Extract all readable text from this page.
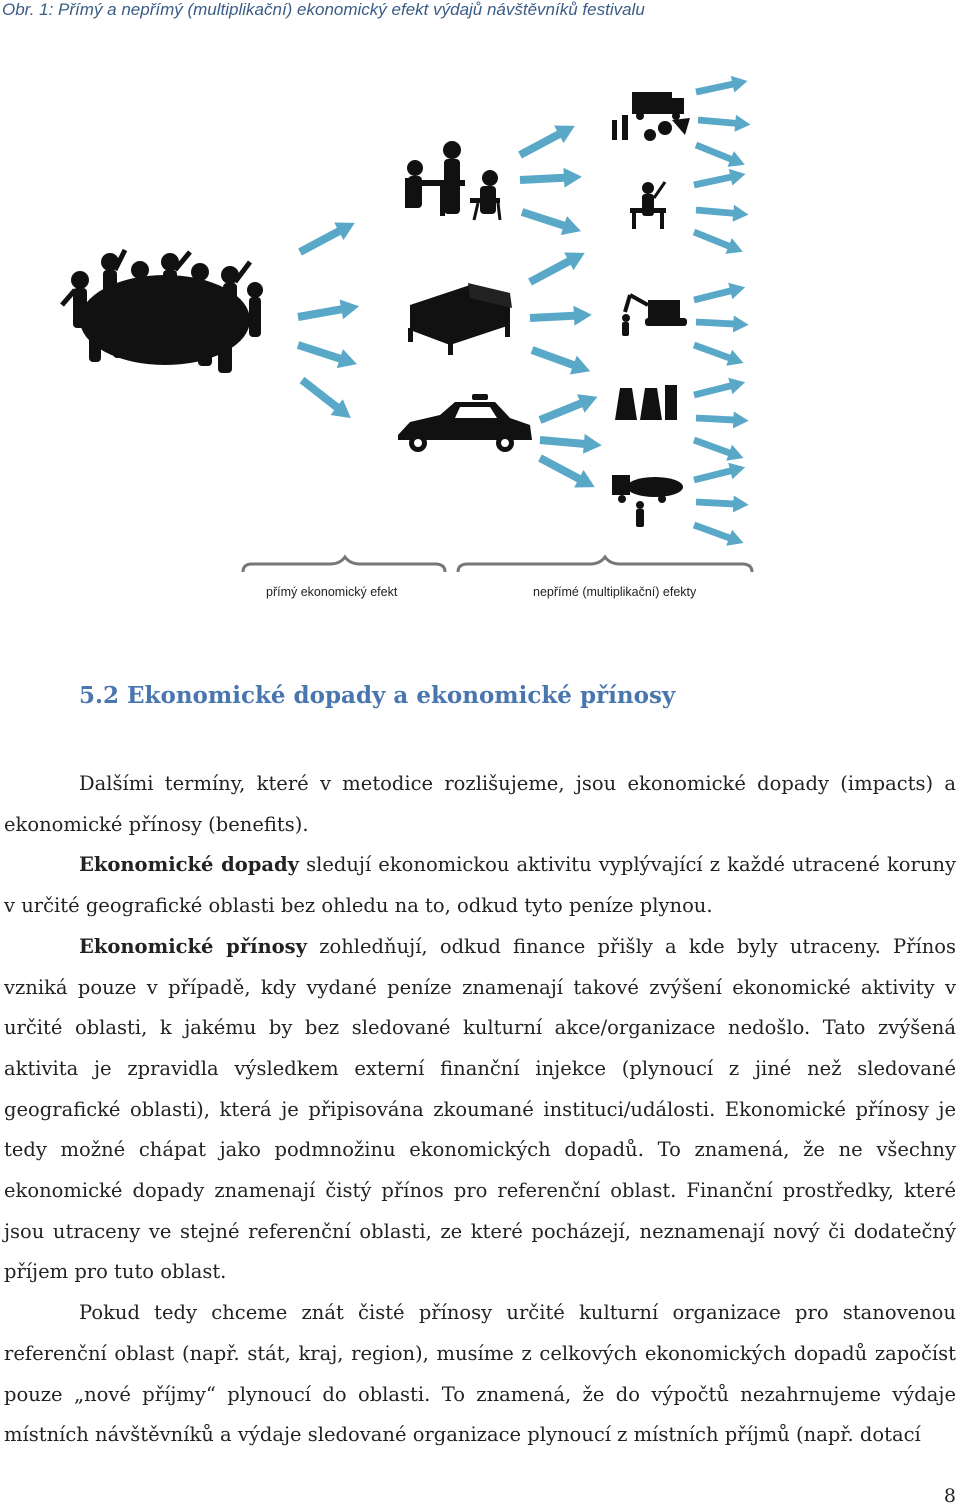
Obr. 1: Přímý a nepřímý (multiplikační) ekonomický efekt výdajů návštěvníků festivalu
přímý ekonomický efekt	nepřímé (multiplikační) efekty
5.2 Ekonomické dopady a ekonomické přínosy

Dalšími termíny, které v metodice rozlišujeme, jsou ekonomické dopady (impacts) a ekonomické přínosy (benefits).

Ekonomické dopady sledují ekonomickou aktivitu vyplývající z každé utracené koruny v určité geografické oblasti bez ohledu na to, odkud tyto peníze plynou.

Ekonomické přínosy zohledňují, odkud finance přišly a kde byly utraceny. Přínos vzniká pouze v případě, kdy vydané peníze znamenají takové zvýšení ekonomické aktivity v určité oblasti, k jakému by bez sledované kulturní akce/organizace nedošlo. Tato zvýšená aktivita je zpravidla výsledkem externí finanční injekce (plynoucí z jiné než sledované geografické oblasti), která je připisována zkoumané instituci/události. Ekonomické přínosy je tedy možné chápat jako podmnožinu ekonomických dopadů. To znamená, že ne všechny ekonomické dopady znamenají čistý přínos pro referenční oblast. Finanční prostředky, které jsou utraceny ve stejné referenční oblasti, ze které pocházejí, neznamenají nový či dodatečný příjem pro tuto oblast.

Pokud tedy chceme znát čisté přínosy určité kulturní organizace pro stanovenou referenční oblast (např. stát, kraj, region), musíme z celkových ekonomických dopadů započíst pouze „nové příjmy“ plynoucí do oblasti. To znamená, že do výpočtů nezahrnujeme výdaje místních návštěvníků a výdaje sledované organizace plynoucí z místních příjmů (např. dotací

8
